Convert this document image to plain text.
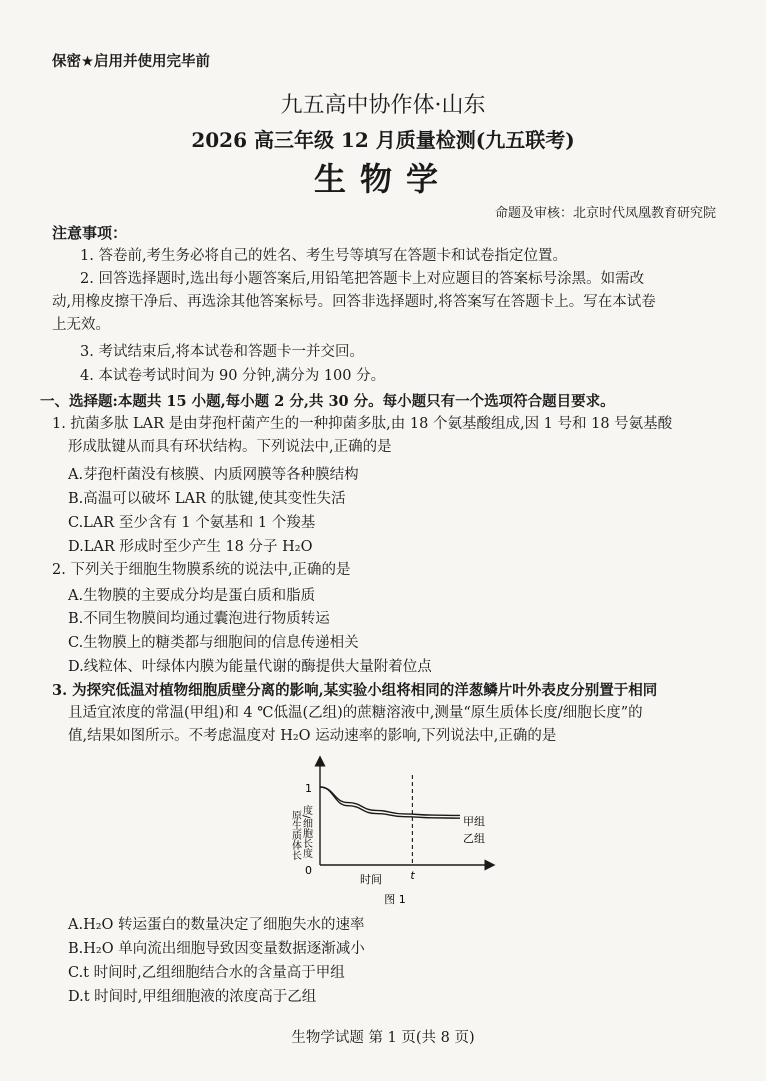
保密★启用并使用完毕前
九五高中协作体·山东
2026 高三年级 12 月质量检测(九五联考)
生物学
命题及审核：北京时代凤凰教育研究院
注意事项：
1. 答卷前,考生务必将自己的姓名、考生号等填写在答题卡和试卷指定位置。
2. 回答选择题时,选出每小题答案后,用铅笔把答题卡上对应题目的答案标号涂黑。如需改
动,用橡皮擦干净后、再选涂其他答案标号。回答非选择题时,将答案写在答题卡上。写在本试卷
上无效。
3. 考试结束后,将本试卷和答题卡一并交回。
4. 本试卷考试时间为 90 分钟,满分为 100 分。
一、选择题:本题共 15 小题,每小题 2 分,共 30 分。每小题只有一个选项符合题目要求。
1. 抗菌多肽 LAR 是由芽孢杆菌产生的一种抑菌多肽,由 18 个氨基酸组成,因 1 号和 18 号氨基酸
形成肽键从而具有环状结构。下列说法中,正确的是
A.芽孢杆菌没有核膜、内质网膜等各种膜结构
B.高温可以破坏 LAR 的肽键,使其变性失活
C.LAR 至少含有 1 个氨基和 1 个羧基
D.LAR 形成时至少产生 18 分子 H₂O
2. 下列关于细胞生物膜系统的说法中,正确的是
A.生物膜的主要成分均是蛋白质和脂质
B.不同生物膜间均通过囊泡进行物质转运
C.生物膜上的糖类都与细胞间的信息传递相关
D.线粒体、叶绿体内膜为能量代谢的酶提供大量附着位点
3. 为探究低温对植物细胞质壁分离的影响,某实验小组将相同的洋葱鳞片叶外表皮分别置于相同
且适宜浓度的常温(甲组)和 4 ℃低温(乙组)的蔗糖溶液中,测量“原生质体长度/细胞长度”的
值,结果如图所示。不考虑温度对 H₂O 运动速率的影响,下列说法中,正确的是
1
0
原生质体长 度/细胞长度
时间	t
甲组
乙组
图 1
A.H₂O 转运蛋白的数量决定了细胞失水的速率
B.H₂O 单向流出细胞导致因变量数据逐渐减小
C.t 时间时,乙组细胞结合水的含量高于甲组
D.t 时间时,甲组细胞液的浓度高于乙组
生物学试题 第 1 页(共 8 页)
